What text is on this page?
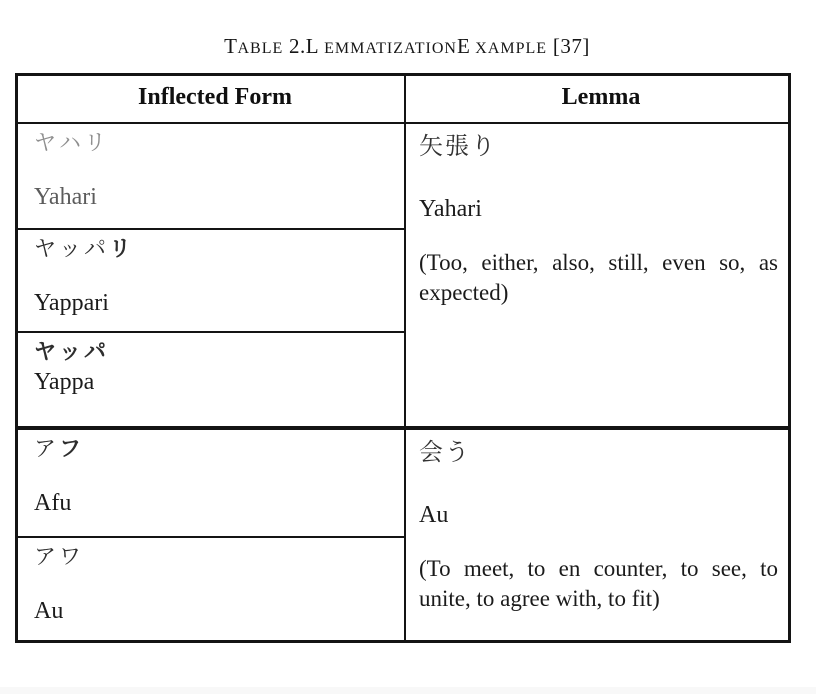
TABLE 2.L EMMATIZATIONE XAMPLE [37]

Inflected Form	Lemma
ヤハリ
Yahari
ヤッパリ
Yappari
ヤッパ
Yappa
アフ
Afu
アワ
Au
矢張り
Yahari
(Too, either, also, still, even so, as expected)
会う
Au
(To meet, to en counter, to see, to unite, to agree with, to fit)
